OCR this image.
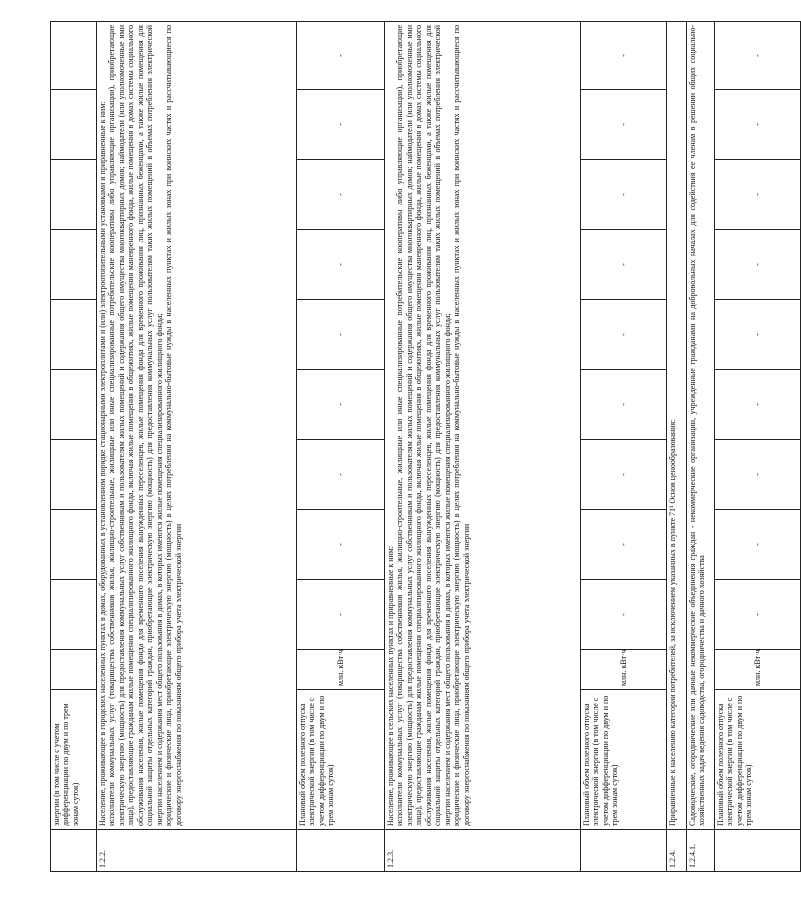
	энергии (в том числе с учетом дифференциации по двум и по трем зонам суток)										
1.2.2.	Население, проживающее в городских населенных пунктах в домах, оборудованных в установленном порядке стационарными электроплитами и (или) электроотопительными установками и приравненные к ним: исполнители коммунальных услуг (товарищества собственников жилья, жилищно-строительные, жилищные или иные специализированные потребительские кооперативы либо управляющие организации), приобретающие электрическую энергию (мощность) для предоставления коммунальных услуг собственникам и пользователям жилых помещений и содержания общего имущества многоквартирных домов; наймодатели (или уполномоченные ими лица), предоставляющие гражданам жилые помещения специализированного жилищного фонда, включая жилые помещения в общежитиях, жилые помещения маневренного фонда, жилые помещения в домах системы социального обслуживания населения, жилые помещения фонда для временного поселения вынужденных переселенцев, жилые помещения фонда для временного проживания лиц, признанных беженцами, а также жилые помещения для социальной защиты отдельных категорий граждан, приобретающие электрическую энергию (мощность) для предоставления коммунальных услуг пользователям таких жилых помещений в объемах потребления электрической энергии населением и содержания мест общего пользования в домах, в которых имеются жилые помещения специализированного жилищного фонда; юридические и физические лица, приобретающие электрическую энергию (мощность) в целях потребления на коммунально-бытовые нужды в населенных пунктах и жилых зонах при воинских частях и рассчитывающиеся по договору энергоснабжения по показаниям общего прибора учета электрической энергии										

	Плановый объем полезного отпуска электрической энергии (в том числе с учетом дифференциации по двум и по трем зонам суток)	млн. кВт·ч	-	-	-	-	-	-	-	-	-
1.2.3.	Население, проживающее в сельских населенных пунктах и приравненные к ним: исполнители коммунальных услуг (товарищества собственников жилья, жилищно-строительные, жилищные или иные специализированные потребительские кооперативы либо управляющие организации), приобретающие электрическую энергию (мощность) для предоставления коммунальных услуг собственникам и пользователям жилых помещений и содержания общего имущества многоквартирных домов; наймодатели (или уполномоченные ими лица), предоставляющие гражданам жилые помещения специализированного жилищного фонда, включая жилые помещения в общежитиях, жилые помещения маневренного фонда, жилые помещения в домах системы социального обслуживания населения, жилые помещения фонда для временного поселения вынужденных переселенцев, жилые помещения фонда для временного проживания лиц, признанных беженцами, а также жилые помещения для социальной защиты отдельных категорий граждан, приобретающие электрическую энергию (мощность) для предоставления коммунальных услуг пользователям таких жилых помещений в объемах потребления электрической энергии населением и содержания мест общего пользования в домах, в которых имеются жилые помещения специализированного жилищного фонда; юридические и физические лица, приобретающие электрическую энергию (мощность) в целях потребления на коммунально-бытовые нужды в населенных пунктах и жилых зонах при воинских частях и рассчитывающиеся по договору энергоснабжения по показаниям общего прибора учета электрической энергии										

	Плановый объем полезного отпуска электрической энергии (в том числе с учетом дифференциации по двум и по трем зонам суток)	млн. кВт·ч	-	-	-	-	-	-	-	-	-
1.2.4.	Приравненные к населению категории потребителей, за исключением указанных в пункте 71¹ Основ ценообразования:										
1.2.4.1.	Садоводческие, огороднические или дачные некоммерческие объединения граждан - некоммерческие организации, учрежденные гражданами на добровольных началах для содействия ее членам в решении общих социально-хозяйственных задач ведения садоводства, огородничества и дачного хозяйства										
	Плановый объем полезного отпуска электрической энергии (в том числе с учетом дифференциации по двум и по трем зонам суток)	млн. кВт·ч	-	-	-	-	-	-	-	-	-
